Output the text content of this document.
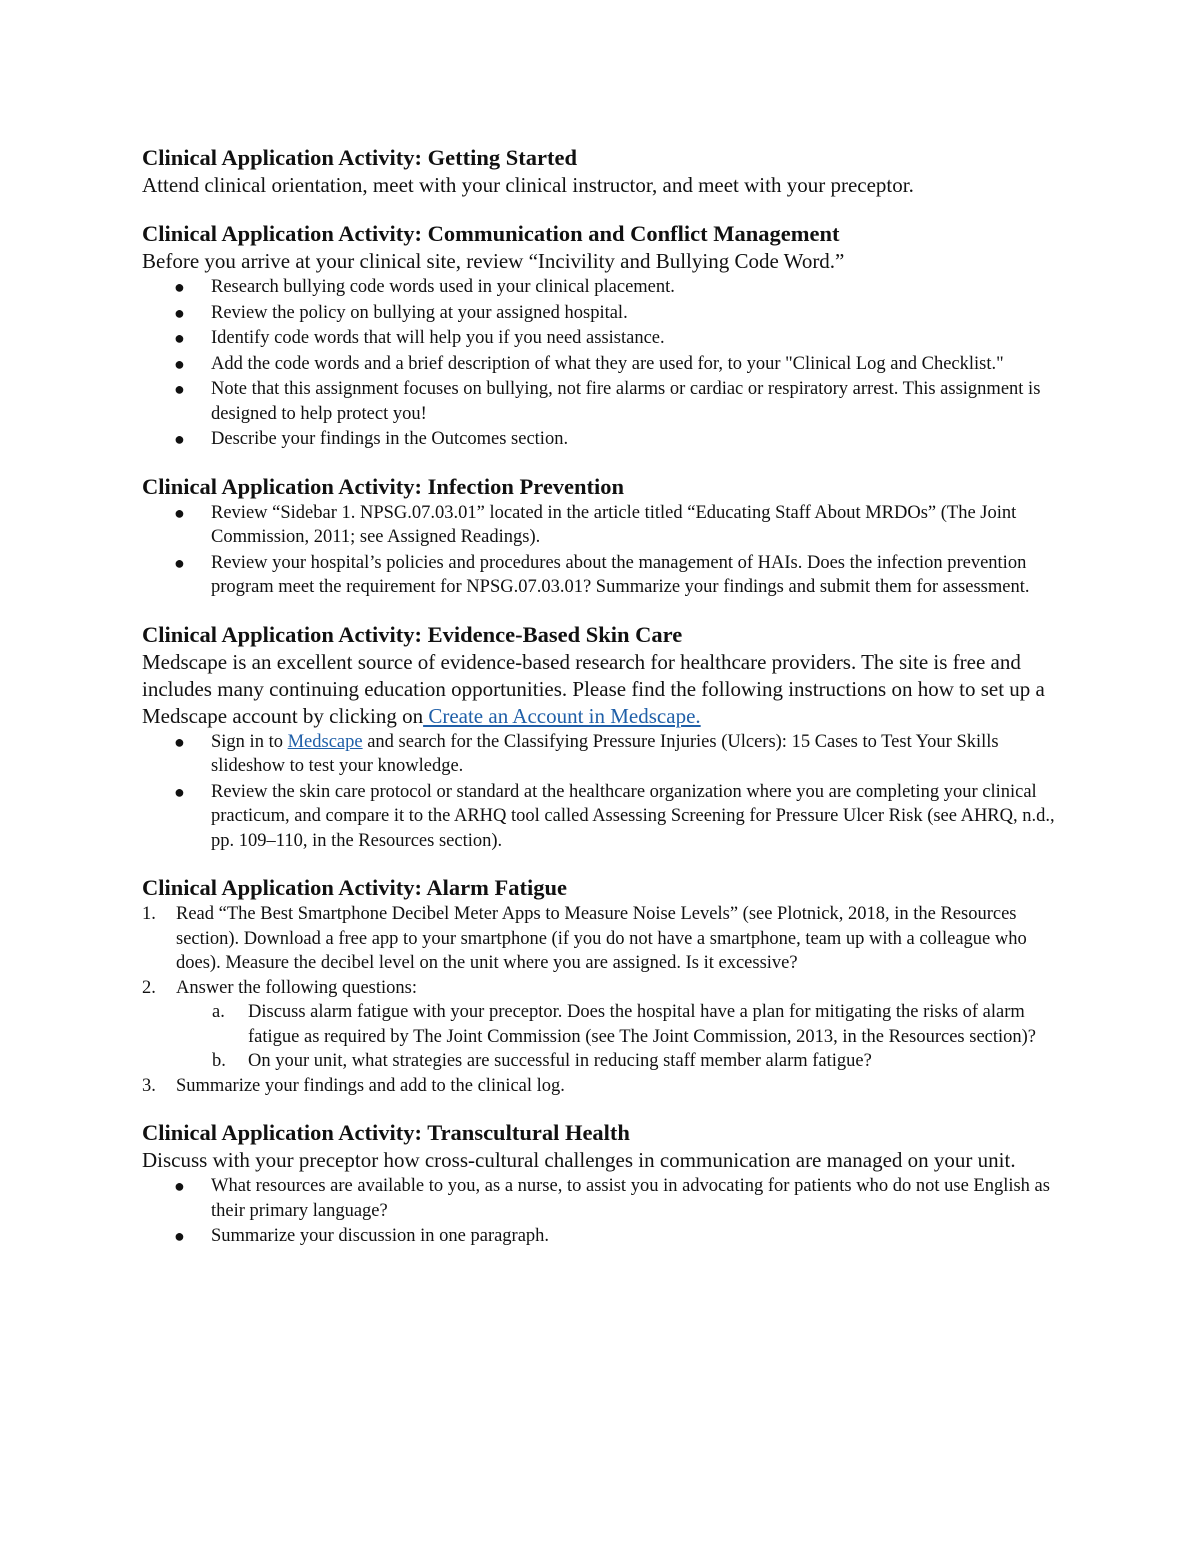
Clinical Application Activity: Getting Started

Attend clinical orientation, meet with your clinical instructor, and meet with your preceptor.

Clinical Application Activity: Communication and Conflict Management

Before you arrive at your clinical site, review “Incivility and Bullying Code Word.”

● Research bullying code words used in your clinical placement.
● Review the policy on bullying at your assigned hospital.
● Identify code words that will help you if you need assistance.
● Add the code words and a brief description of what they are used for, to your "Clinical Log and Checklist."
● Note that this assignment focuses on bullying, not fire alarms or cardiac or respiratory arrest. This assignment is designed to help protect you!
● Describe your findings in the Outcomes section.

Clinical Application Activity: Infection Prevention

● Review “Sidebar 1. NPSG.07.03.01” located in the article titled “Educating Staff About MRDOs” (The Joint Commission, 2011; see Assigned Readings).
● Review your hospital’s policies and procedures about the management of HAIs. Does the infection prevention program meet the requirement for NPSG.07.03.01? Summarize your findings and submit them for assessment.

Clinical Application Activity: Evidence-Based Skin Care

Medscape is an excellent source of evidence-based research for healthcare providers. The site is free and includes many continuing education opportunities. Please find the following instructions on how to set up a Medscape account by clicking on Create an Account in Medscape.

● Sign in to Medscape and search for the Classifying Pressure Injuries (Ulcers): 15 Cases to Test Your Skills slideshow to test your knowledge.
● Review the skin care protocol or standard at the healthcare organization where you are completing your clinical practicum, and compare it to the ARHQ tool called Assessing Screening for Pressure Ulcer Risk (see AHRQ, n.d., pp. 109–110, in the Resources section).

Clinical Application Activity: Alarm Fatigue

1. Read “The Best Smartphone Decibel Meter Apps to Measure Noise Levels” (see Plotnick, 2018, in the Resources section). Download a free app to your smartphone (if you do not have a smartphone, team up with a colleague who does). Measure the decibel level on the unit where you are assigned. Is it excessive?
2. Answer the following questions:
a. Discuss alarm fatigue with your preceptor. Does the hospital have a plan for mitigating the risks of alarm fatigue as required by The Joint Commission (see The Joint Commission, 2013, in the Resources section)?
b. On your unit, what strategies are successful in reducing staff member alarm fatigue?
3. Summarize your findings and add to the clinical log.

Clinical Application Activity: Transcultural Health

Discuss with your preceptor how cross-cultural challenges in communication are managed on your unit.

● What resources are available to you, as a nurse, to assist you in advocating for patients who do not use English as their primary language?
● Summarize your discussion in one paragraph.
